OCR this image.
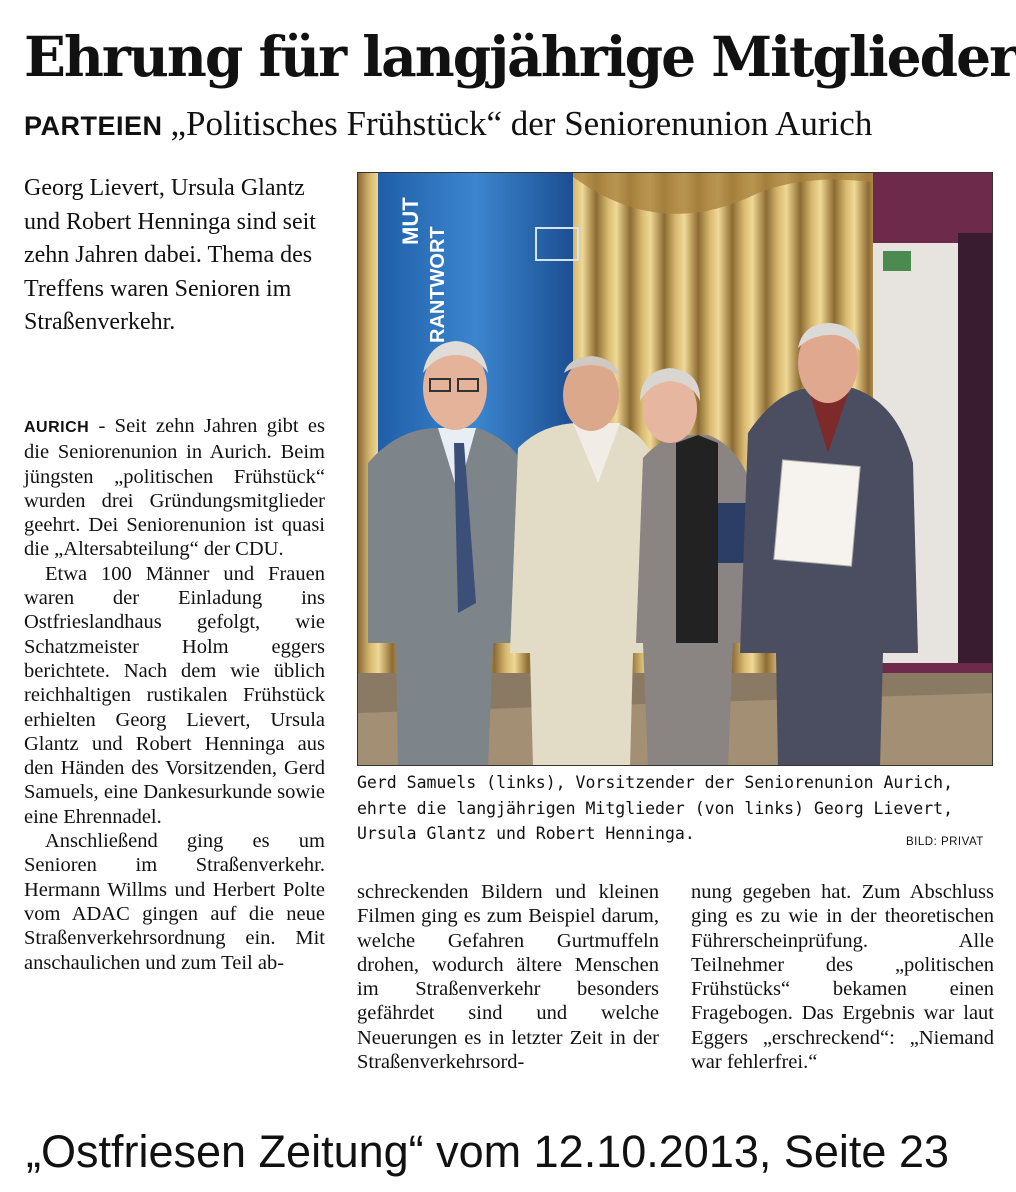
Ehrung für langjährige Mitglieder
PARTEIEN „Politisches Frühstück“ der Seniorenunion Aurich

Georg Lievert, Ursula Glantz und Robert Henninga sind seit zehn Jahren dabei. Thema des Treffens waren Senioren im Straßenverkehr.

AURICH - Seit zehn Jahren gibt es die Seniorenunion in Aurich. Beim jüngsten „politischen Frühstück“ wurden drei Gründungsmitglieder geehrt. Dei Seniorenunion ist quasi die „Altersabteilung“ der CDU.

Etwa 100 Männer und Frauen waren der Einladung ins Ostfrieslandhaus gefolgt, wie Schatzmeister Holm eggers berichtete. Nach dem wie üblich reichhaltigen rustikalen Frühstück erhielten Georg Lievert, Ursula Glantz und Robert Henninga aus den Händen des Vorsitzenden, Gerd Samuels, eine Dankesurkunde sowie eine Ehrennadel.

Anschließend ging es um Senioren im Straßenverkehr. Hermann Willms und Herbert Polte vom ADAC gingen auf die neue Straßenverkehrsordnung ein. Mit anschaulichen und zum Teil ab-

MUT
RANTWORT

Gerd Samuels (links), Vorsitzender der Seniorenunion Aurich, ehrte die langjährigen Mitglieder (von links) Georg Lievert, Ursula Glantz und Robert Henninga.	BILD: PRIVAT

schreckenden Bildern und kleinen Filmen ging es zum Beispiel darum, welche Gefahren Gurtmuffeln drohen, wodurch ältere Menschen im Straßenverkehr besonders gefährdet sind und welche Neuerungen es in letzter Zeit in der Straßenverkehrsord-

nung gegeben hat. Zum Abschluss ging es zu wie in der theoretischen Führerscheinprüfung. Alle Teilnehmer des „politischen Frühstücks“ bekamen einen Fragebogen. Das Ergebnis war laut Eggers „erschreckend“: „Niemand war fehlerfrei.“

„Ostfriesen Zeitung“ vom 12.10.2013, Seite 23
